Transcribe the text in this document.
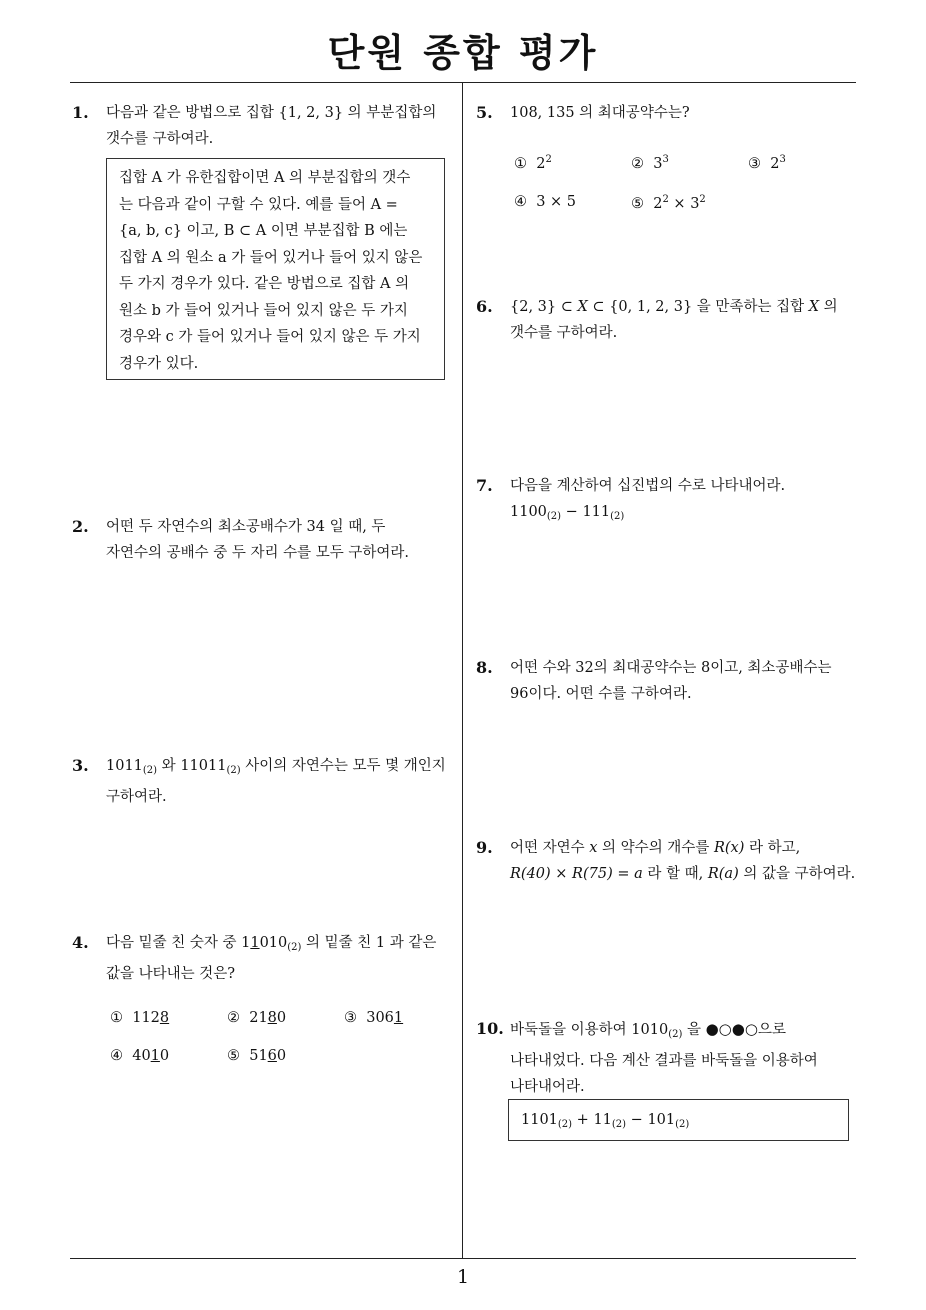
단원 종합 평가
1
1. 다음과 같은 방법으로 집합 {1, 2, 3} 의 부분집합의
갯수를 구하여라.
집합 A 가 유한집합이면 A 의 부분집합의 갯수
는 다음과 같이 구할 수 있다. 예를 들어 A =
{a, b, c} 이고, B ⊂ A 이면 부분집합 B 에는
집합 A 의 원소 a 가 들어 있거나 들어 있지 않은
두 가지 경우가 있다. 같은 방법으로 집합 A 의
원소 b 가 들어 있거나 들어 있지 않은 두 가지
경우와 c 가 들어 있거나 들어 있지 않은 두 가지
경우가 있다.
2. 어떤 두 자연수의 최소공배수가 34 일 때, 두
자연수의 공배수 중 두 자리 수를 모두 구하여라.
3. $1011_{(2)}$ 와 $11011_{(2)}$ 사이의 자연수는 모두 몇 개인지
구하여라.
4. 다음 밑줄 친 숫자 중 $11010_{(2)}$ 의 밑줄 친 1 과 같은
값을 나타내는 것은?
① 1128	② 2180	③ 3061
④ 4010	⑤ 5160
5. 108, 135 의 최대공약수는?
① $2^2$	② $3^3$	③ $2^3$
④ 3 × 5	⑤ $2^2 \times 3^2$
6. {2, 3} ⊂ X ⊂ {0, 1, 2, 3} 을 만족하는 집합 X 의
갯수를 구하여라.
7. 다음을 계산하여 십진법의 수로 나타내어라.
$1100_{(2)} - 111_{(2)}$
8. 어떤 수와 32의 최대공약수는 8이고, 최소공배수는
96이다. 어떤 수를 구하여라.
9. 어떤 자연수 x 의 약수의 개수를 R(x) 라 하고,
R(40) × R(75) = a 라 할 때, R(a) 의 값을 구하여라.
10. 바둑돌을 이용하여 $1010_{(2)}$ 을 ●○●○으로
나타내었다. 다음 계산 결과를 바둑돌을 이용하여
나타내어라.
$1101_{(2)} + 11_{(2)} - 101_{(2)}$
